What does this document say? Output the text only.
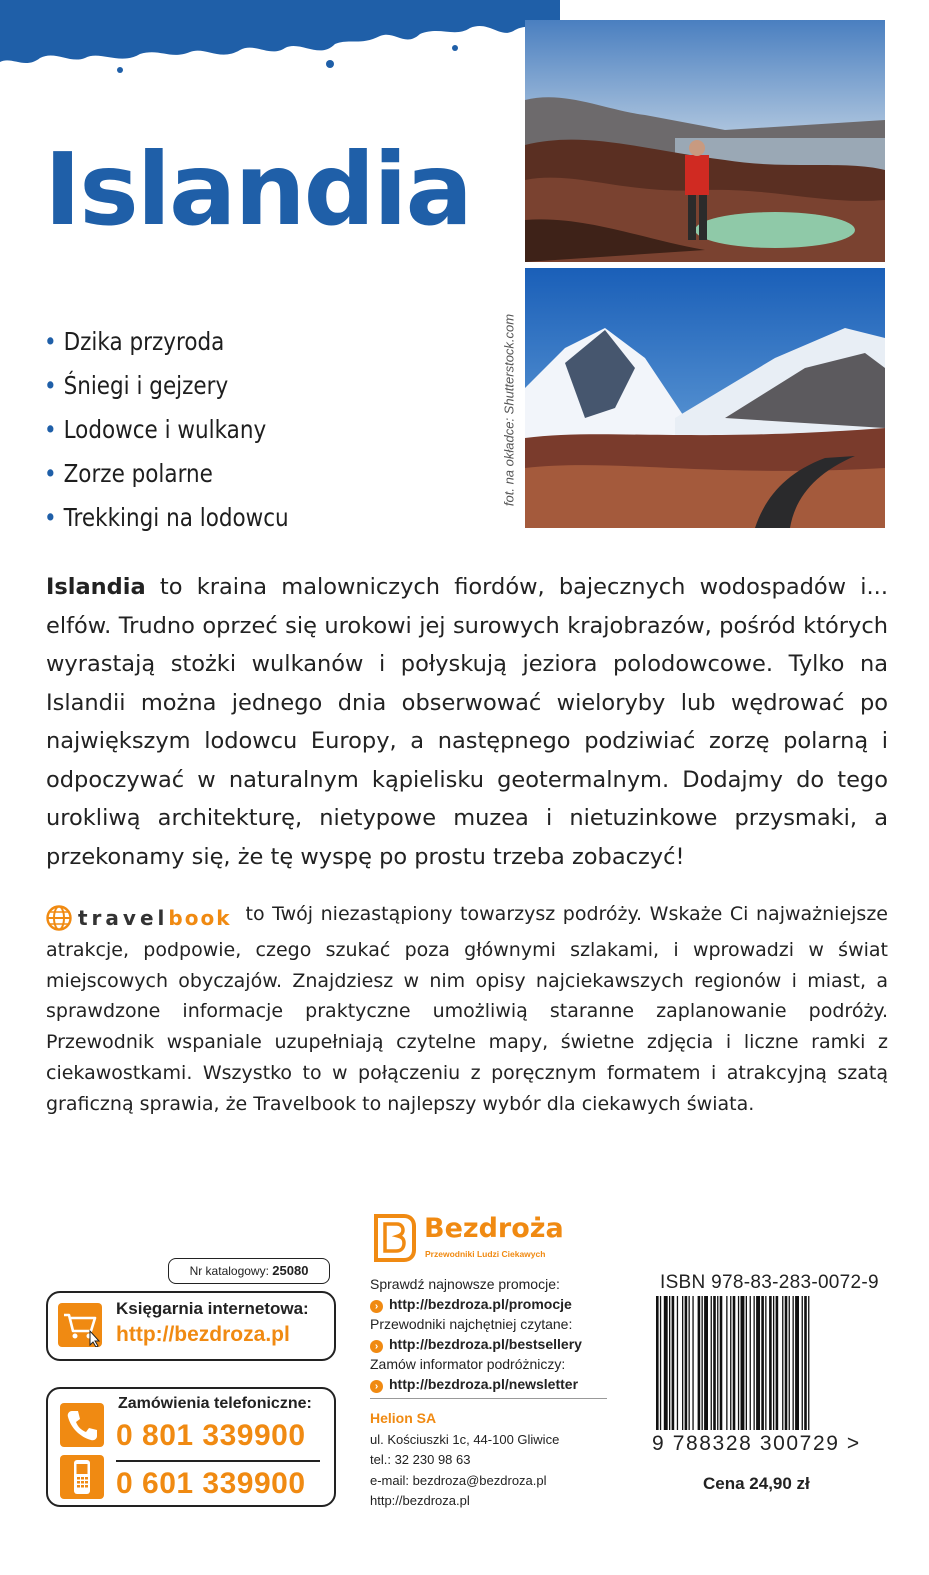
Islandia
fot. na okładce: Shutterstock.com
• Dzika przyroda
• Śniegi i gejzery
• Lodowce i wulkany
• Zorze polarne
• Trekkingi na lodowcu

Islandia to kraina malowniczych fiordów, bajecznych wodospadów i... elfów. Trudno oprzeć się urokowi jej surowych krajobrazów, pośród których wyrastają stożki wulkanów i połyskują jeziora polodowcowe. Tylko na Islandii można jednego dnia obserwować wieloryby lub wędrować po największym lodowcu Europy, a następnego podziwiać zorzę polarną i odpoczywać w naturalnym kąpielisku geotermalnym. Dodajmy do tego urokliwą architekturę, nietypowe muzea i nietuzinkowe przysmaki, a przekonamy się, że tę wyspę po prostu trzeba zobaczyć!

travelbook to Twój niezastąpiony towarzysz podróży. Wskaże Ci najważniejsze atrakcje, podpowie, czego szukać poza głównymi szlakami, i wprowadzi w świat miejscowych obyczajów. Znajdziesz w nim opisy najciekawszych regionów i miast, a sprawdzone informacje praktyczne umożliwią staranne zaplanowanie podróży. Przewodnik wspaniale uzupełniają czytelne mapy, świetne zdjęcia i liczne ramki z ciekawostkami. Wszystko to w połączeniu z poręcznym formatem i atrakcyjną szatą graficzną sprawia, że Travelbook to najlepszy wybór dla ciekawych świata.

Nr katalogowy: 25080
Księgarnia internetowa:
http://bezdroza.pl
Zamówienia telefoniczne:
0 801 339900
0 601 339900
Bezdroża
Przewodniki Ludzi Ciekawych
Sprawdź najnowsze promocje:
› http://bezdroza.pl/promocje
Przewodniki najchętniej czytane:
› http://bezdroza.pl/bestsellery
Zamów informator podróżniczy:
› http://bezdroza.pl/newsletter
Helion SA
ul. Kościuszki 1c, 44-100 Gliwice
tel.: 32 230 98 63
e-mail: bezdroza@bezdroza.pl
http://bezdroza.pl
ISBN 978-83-283-0072-9
9 788328 300729 >
Cena 24,90 zł
